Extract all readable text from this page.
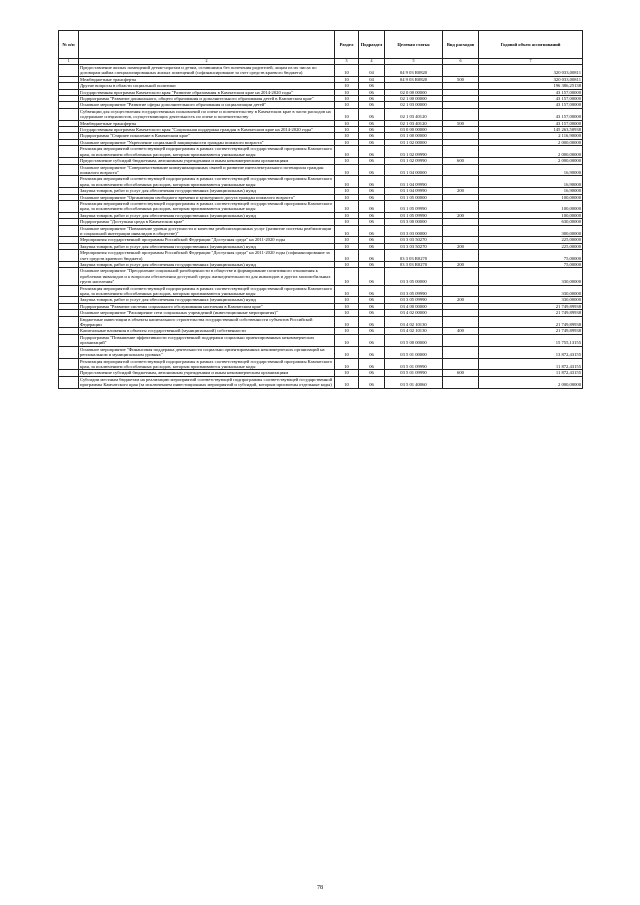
№ п/п		Раздел	Подраздел	Целевая статья	Вид расходов	Годовой объем ассигнований
1	2	3	4	5	6	7
	Предоставление жилых помещений детям-сиротам и детям, оставшимся без попечения родителей, лицам из их числа по договорам найма специализированных жилых помещений (софинансирование за счет средств краевого бюджета)	10	04	04 9 03 R0820		320 033,00811
	Межбюджетные трансферты	10	04	04 9 03 R0820	500	320 033,00811
	Другие вопросы в области социальной политики	10	06			196 386,25138
	Государственная программа Камчатского края "Развитие образования в Камчатском крае на 2014-2020 годы"	10	06	02 0 00 00000		43 157,00000
	Подпрограмма "Развитие дошкольного, общего образования и дополнительного образования детей в Камчатском крае"	10	06	02 1 00 00000		43 157,00000
	Основное мероприятие "Развитие сферы дополнительного образования и социализации детей"	10	06	02 1 03 00000		43 157,00000
	Субвенции для осуществления государственных полномочий по опеке и попечительству в Камчатском крае в части расходов на содержание специалистов, осуществляющих деятельность по опеке и попечительству	10	06	02 1 03 40120		43 157,00000
	Межбюджетные трансферты	10	06	02 1 03 40120	500	43 157,00000
	Государственная программа Камчатского края "Социальная поддержка граждан в Камчатском крае на 2014-2020 годы"	10	06	03 0 00 00000		145 263,50938
	Подпрограмма "Старшее поколение в Камчатском крае"	10	06	03 1 00 00000		2 116,90000
	Основное мероприятие "Укрепление социальной защищенности граждан пожилого возраста"	10	06	03 1 02 00000		2 000,00000
	Реализация мероприятий соответствующей подпрограммы в рамках соответствующей государственной программы Камчатского края, за исключением обособленных расходов, которым присваиваются уникальные коды	10	06	03 1 02 09990		2 000,00000
	Предоставление субсидий бюджетным, автономным учреждениям и иным некоммерческим организациям	10	06	03 1 02 09990	600	2 000,00000
	Основное мероприятие "Совершенствование коммуникационных связей и развитие интеллектуального потенциала граждан пожилого возраста"	10	06	03 1 04 00000		16,90000
	Реализация мероприятий соответствующей подпрограммы в рамках соответствующей государственной программы Камчатского края, за исключением обособленных расходов, которым присваиваются уникальные коды	10	06	03 1 04 09990		16,90000
	Закупка товаров, работ и услуг для обеспечения государственных (муниципальных) нужд	10	06	03 1 04 09990	200	16,90000
	Основное мероприятие "Организация свободного времени и культурного досуга граждан пожилого возраста"	10	06	03 1 05 00000		100,00000
	Реализация мероприятий соответствующей подпрограммы в рамках соответствующей государственной программы Камчатского края, за исключением обособленных расходов, которым присваиваются уникальные коды	10	06	03 1 05 09990		100,00000
	Закупка товаров, работ и услуг для обеспечения государственных (муниципальных) нужд	10	06	03 1 05 09990	200	100,00000
	Подпрограмма "Доступная среда в Камчатском крае"	10	06	03 3 00 00000		630,00000
	Основное мероприятие "Повышение уровня доступности и качества реабилитационных услуг (развитие системы реабилитации и социальной интеграции инвалидов в обществе)"	10	06	03 3 03 00000		300,00000
	Мероприятия государственной программы Российской Федерации "Доступная среда" на 2011-2020 годы	10	06	03 3 03 50270		225,00000
	Закупка товаров, работ и услуг для обеспечения государственных (муниципальных) нужд	10	06	03 3 03 50270	200	225,00000
	Мероприятия государственной программы Российской Федерации "Доступная среда" на 2011-2020 годы (софинансирование за счет средств краевого бюджета)	10	06	03 3 03 R0270		75,00000
	Закупка товаров, работ и услуг для обеспечения государственных (муниципальных) нужд	10	06	03 3 03 R0270	200	75,00000
	Основное мероприятие "Преодоление социальной разобщенности в обществе и формирование позитивного отношения к проблемам инвалидов и к вопросам обеспечения доступной среды жизнедеятельности для инвалидов и других маломобильных групп населения"	10	06	03 3 05 00000		330,00000
	Реализация мероприятий соответствующей подпрограммы в рамках соответствующей государственной программы Камчатского края, за исключением обособленных расходов, которым присваиваются уникальные коды	10	06	03 3 05 09990		330,00000
	Закупка товаров, работ и услуг для обеспечения государственных (муниципальных) нужд	10	06	03 3 05 09990	200	330,00000
	Подпрограмма "Развитие системы социального обслуживания населения в Камчатском крае"	10	06	03 4 00 00000		21 749,89938
	Основное мероприятие "Расширение сети социальных учреждений (инвестиционные мероприятия)"	10	06	03 4 02 00000		21 749,89938
	Бюджетные инвестиции в объекты капитального строительства государственной собственности субъектов Российской Федерации	10	06	03 4 02 10130		21 749,89938
	Капитальные вложения в объекты государственной (муниципальной) собственности	10	06	03 4 02 10130	400	21 749,89938
	Подпрограмма "Повышение эффективности государственной поддержки социально ориентированных некоммерческих организаций"	10	06	03 5 00 00000		15 755,13155
	Основное мероприятие "Финансовая поддержка деятельности социально ориентированных некоммерческих организаций на региональном и муниципальном уровнях"	10	06	03 5 01 00000		13 872,43155
	Реализация мероприятий соответствующей подпрограммы в рамках соответствующей государственной программы Камчатского края, за исключением обособленных расходов, которым присваиваются уникальные коды	10	06	03 5 01 09990		11 872,43155
	Предоставление субсидий бюджетным, автономным учреждениям и иным некоммерческим организациям	10	06	03 5 01 09990	600	11 872,43155
	Субсидии местным бюджетам на реализацию мероприятий соответствующей подпрограммы соответствующей государственной программы Камчатского края (за исключением инвестиционных мероприятий и субсидий, которым присвоены отдельные коды)	10	06	03 5 01 40060		2 000,00000
78
